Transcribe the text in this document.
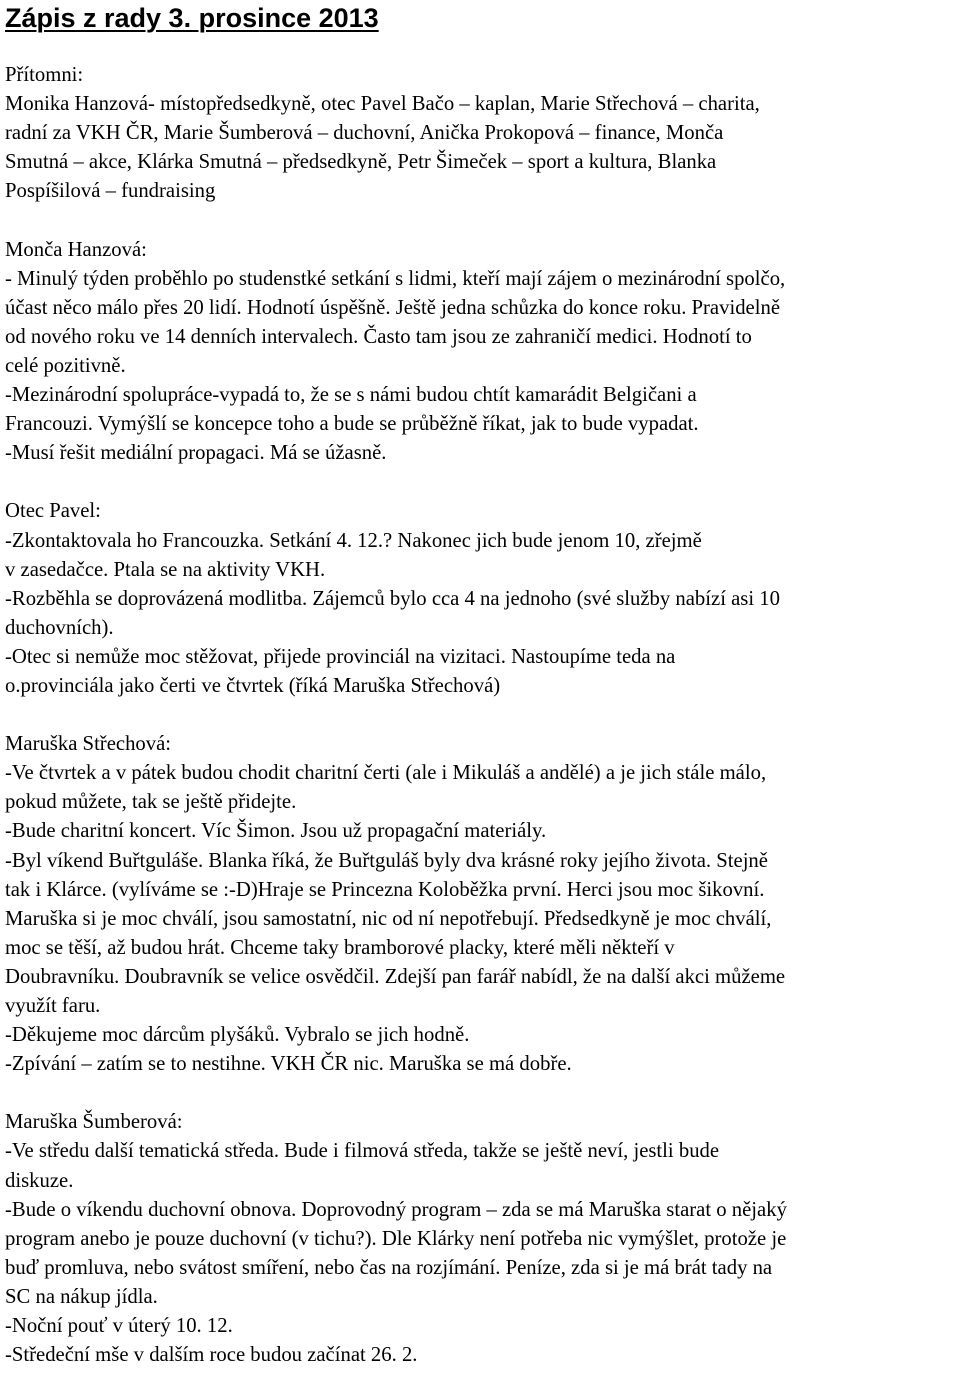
Zápis z rady 3. prosince 2013
Přítomni:
Monika Hanzová- místopředsedkyně, otec Pavel Bačo – kaplan, Marie Střechová – charita,
radní za VKH ČR, Marie Šumberová – duchovní, Anička Prokopová – finance, Monča
Smutná – akce, Klárka Smutná – předsedkyně, Petr Šimeček – sport a kultura, Blanka
Pospíšilová – fundraising
Monča Hanzová:
- Minulý týden proběhlo po studenstké setkání s lidmi, kteří mají zájem o mezinárodní spolčo,
účast něco málo přes 20 lidí. Hodnotí úspěšně. Ještě jedna schůzka do konce roku. Pravidelně
od nového roku ve 14 denních intervalech. Často tam jsou ze zahraničí medici. Hodnotí to
celé pozitivně.
-Mezinárodní spolupráce-vypadá to, že se s námi budou chtít kamarádit Belgičani a
Francouzi. Vymýšlí se koncepce toho a bude se průběžně říkat, jak to bude vypadat.
-Musí řešit mediální propagaci. Má se úžasně.
Otec Pavel:
-Zkontaktovala ho Francouzka. Setkání 4. 12.? Nakonec jich bude jenom 10, zřejmě
v zasedačce. Ptala se na aktivity VKH.
-Rozběhla se doprovázená modlitba. Zájemců bylo cca 4 na jednoho (své služby nabízí asi 10
duchovních).
-Otec si nemůže moc stěžovat, přijede provinciál na vizitaci. Nastoupíme teda na
o.provinciála jako čerti ve čtvrtek (říká Maruška Střechová)
Maruška Střechová:
-Ve čtvrtek a v pátek budou chodit charitní čerti (ale i Mikuláš a andělé) a je jich stále málo,
pokud můžete, tak se ještě přidejte.
-Bude charitní koncert. Víc Šimon. Jsou už propagační materiály.
-Byl víkend Buřtguláše. Blanka říká, že Buřtguláš byly dva krásné roky jejího života. Stejně
tak i Klárce. (vylíváme se :-D)Hraje se Princezna Koloběžka první. Herci jsou moc šikovní.
Maruška si je moc chválí, jsou samostatní, nic od ní nepotřebují. Předsedkyně je moc chválí,
moc se těší, až budou hrát. Chceme taky bramborové placky, které měli někteří v
Doubravníku. Doubravník se velice osvědčil. Zdejší pan farář nabídl, že na další akci můžeme
využít faru.
-Děkujeme moc dárcům plyšáků. Vybralo se jich hodně.
-Zpívání – zatím se to nestihne. VKH ČR nic. Maruška se má dobře.
Maruška Šumberová:
-Ve středu další tematická středa. Bude i filmová středa, takže se ještě neví, jestli bude
diskuze.
-Bude o víkendu duchovní obnova. Doprovodný program – zda se má Maruška starat o nějaký
program anebo je pouze duchovní (v tichu?). Dle Klárky není potřeba nic vymýšlet, protože je
buď promluva, nebo svátost smíření, nebo čas na rozjímání. Peníze, zda si je má brát tady na
SC na nákup jídla.
-Noční pouť v úterý 10. 12.
-Středeční mše v dalším roce budou začínat 26. 2.
